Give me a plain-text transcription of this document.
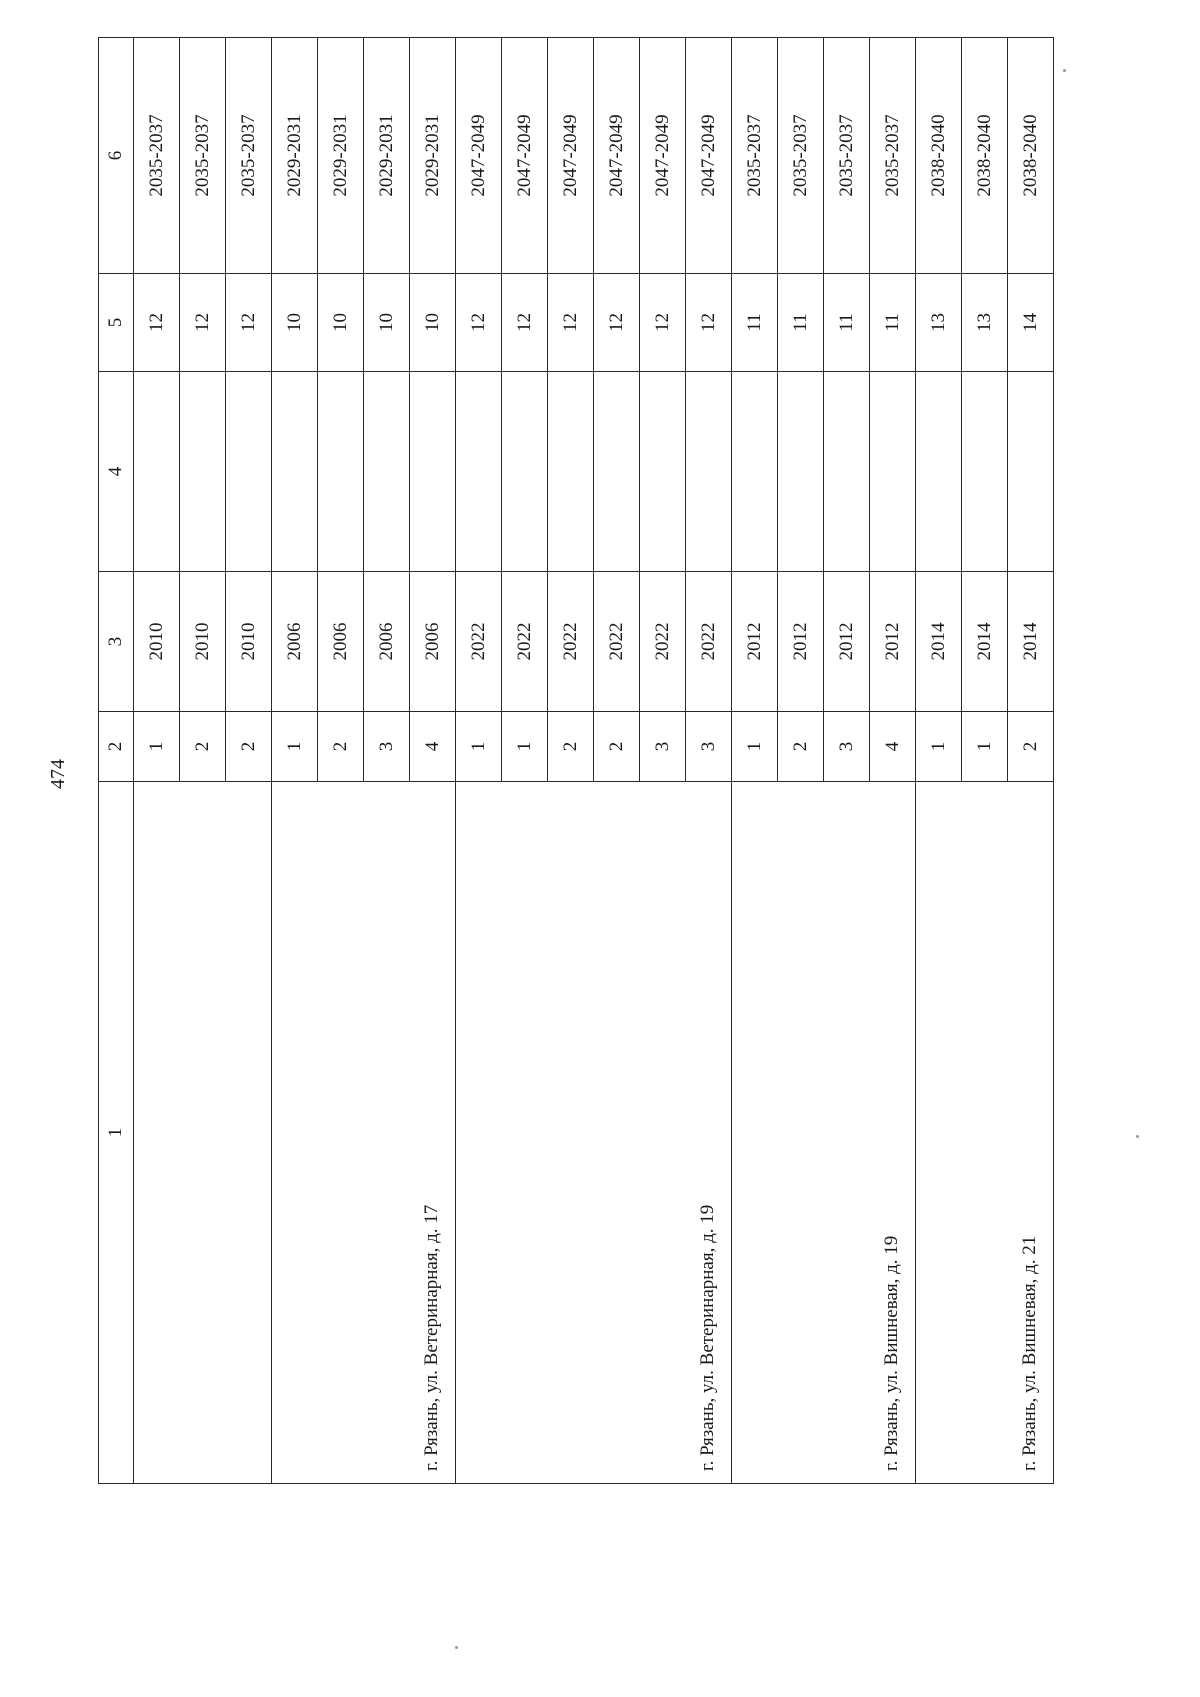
474
1	2	3	4	5	6
	1	2010		12	2035-2037
	2	2010		12	2035-2037
	2	2010		12	2035-2037
г. Рязань, ул. Ветеринарная, д. 17	1	2006		10	2029-2031
	2	2006		10	2029-2031
	3	2006		10	2029-2031
	4	2006		10	2029-2031
г. Рязань, ул. Ветеринарная, д. 19	1	2022		12	2047-2049
	1	2022		12	2047-2049
	2	2022		12	2047-2049
	2	2022		12	2047-2049
	3	2022		12	2047-2049
	3	2022		12	2047-2049
г. Рязань, ул. Вишневая, д. 19	1	2012		11	2035-2037
	2	2012		11	2035-2037
	3	2012		11	2035-2037
	4	2012		11	2035-2037
г. Рязань, ул. Вишневая, д. 21	1	2014		13	2038-2040
	1	2014		13	2038-2040
	2	2014		14	2038-2040
